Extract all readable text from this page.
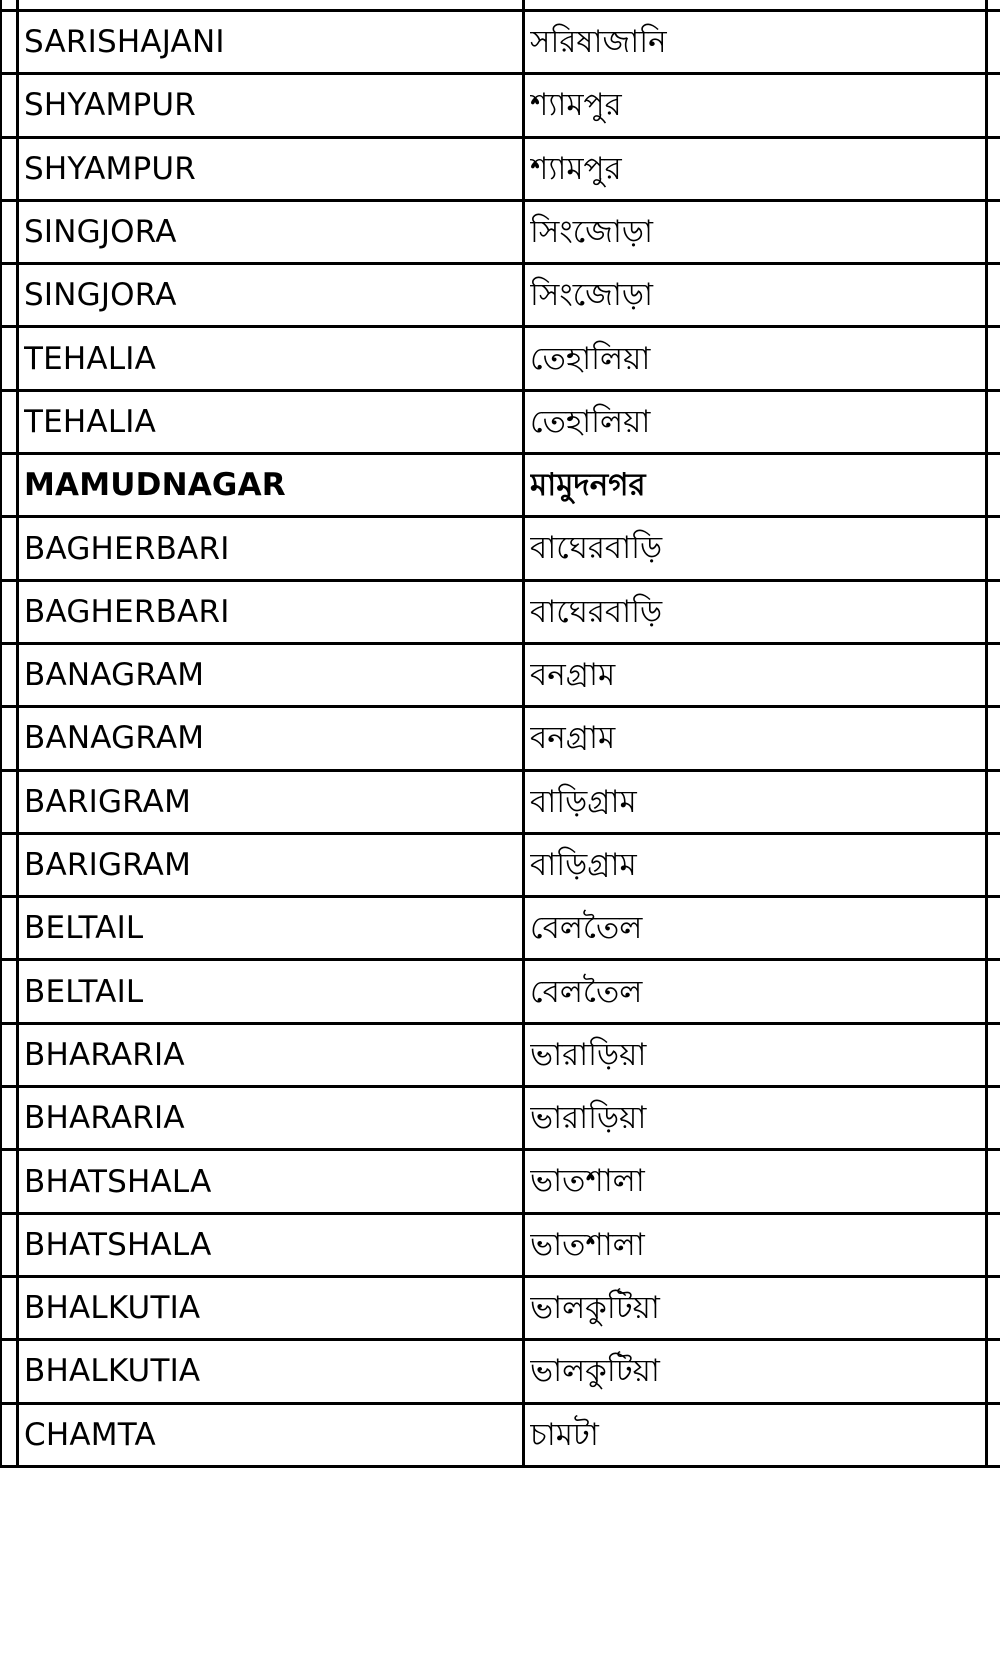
SARISHAJANI	সরিষাজানি
SHYAMPUR	শ্যামপুর
SHYAMPUR	শ্যামপুর
SINGJORA	সিংজোড়া
SINGJORA	সিংজোড়া
TEHALIA	তেহালিয়া
TEHALIA	তেহালিয়া
MAMUDNAGAR	মামুদনগর
BAGHERBARI	বাঘেরবাড়ি
BAGHERBARI	বাঘেরবাড়ি
BANAGRAM	বনগ্রাম
BANAGRAM	বনগ্রাম
BARIGRAM	বাড়িগ্রাম
BARIGRAM	বাড়িগ্রাম
BELTAIL	বেলতৈল
BELTAIL	বেলতৈল
BHARARIA	ভারাড়িয়া
BHARARIA	ভারাড়িয়া
BHATSHALA	ভাতশালা
BHATSHALA	ভাতশালা
BHALKUTIA	ভালকুটিয়া
BHALKUTIA	ভালকুটিয়া
CHAMTA	চামটা
